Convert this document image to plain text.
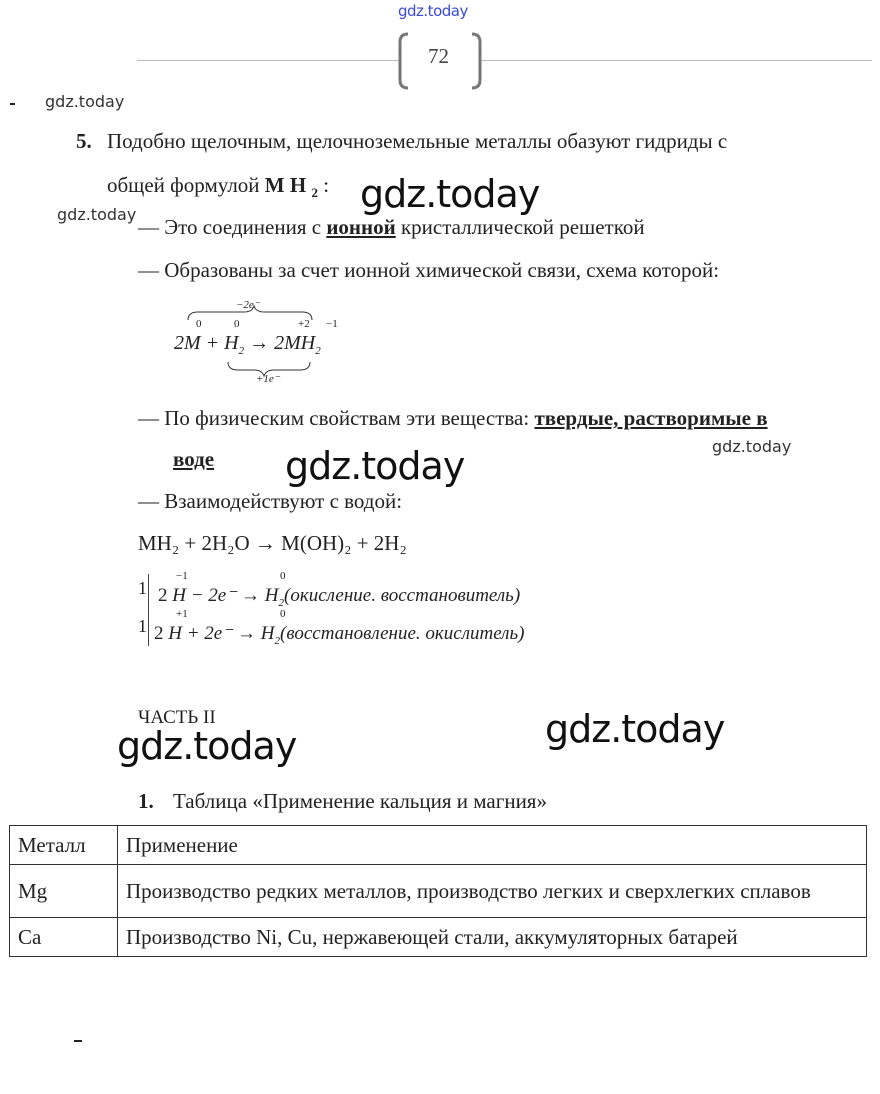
gdz.today
gdz.today
gdz.today	gdz.today
gdz.today
gdz.today
gdz.today	gdz.today
72
5. Подобно щелочным, щелочноземельные металлы обазуют гидриды с
общей формулой M H $_2$ :
— Это соединения с ионной кристаллической решеткой
— Образованы за счет ионной химической связи, схема которой:
−2e⁻
0	0	+2 −1
$2M + H_2 \to 2MH_2$
+1e⁻
— По физическим свойствам эти вещества: твердые, растворимые в
воде
— Взаимодействуют с водой:
MH₂ + 2H₂O → M(OH)₂ + 2H₂
1
−1	0
2 $H - 2e^- \to H_2(окисление$. восстановитель)
1
+1	0
2 $H + 2e^- \to H_2(восстановление$. окислитель)
ЧАСТЬ II
1. Таблица «Применение кальция и магния»
Металл	Применение
Mg	Производство редких металлов, производство легких и сверхлегких сплавов
Ca	Производство Ni, Cu, нержавеющей стали, аккумуляторных батарей
